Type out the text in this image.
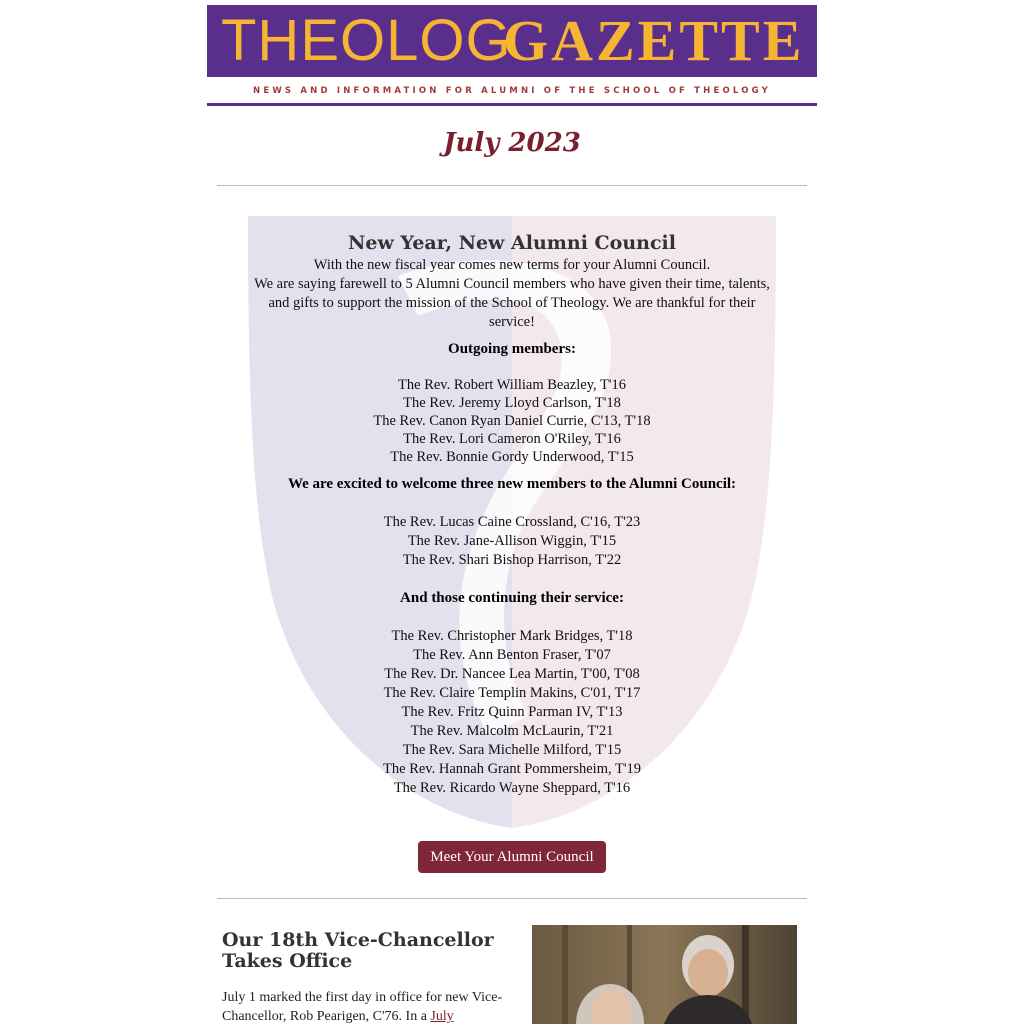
THEOLOG
GAZETTE
NEWS AND INFORMATION FOR ALUMNI OF THE SCHOOL OF THEOLOGY
July 2023
New Year, New Alumni Council
With the new fiscal year comes new terms for your Alumni Council.
We are saying farewell to 5 Alumni Council members who have given their time, talents, and gifts to support the mission of the School of Theology. We are thankful for their service!
Outgoing members:
The Rev. Robert William Beazley, T'16
The Rev. Jeremy Lloyd Carlson, T'18
The Rev. Canon Ryan Daniel Currie, C'13, T'18
The Rev. Lori Cameron O'Riley, T'16
The Rev. Bonnie Gordy Underwood, T'15
We are excited to welcome three new members to the Alumni Council:
The Rev. Lucas Caine Crossland, C'16, T'23
The Rev. Jane-Allison Wiggin, T'15
The Rev. Shari Bishop Harrison, T'22
And those continuing their service:
The Rev. Christopher Mark Bridges, T'18
The Rev. Ann Benton Fraser, T'07
The Rev. Dr. Nancee Lea Martin, T'00, T'08
The Rev. Claire Templin Makins, C'01, T'17
The Rev. Fritz Quinn Parman IV, T'13
The Rev. Malcolm McLaurin, T'21
The Rev. Sara Michelle Milford, T'15
The Rev. Hannah Grant Pommersheim, T'19
The Rev. Ricardo Wayne Sheppard, T'16
Meet Your Alumni Council
Our 18th Vice-Chancellor Takes Office
July 1 marked the first day in office for new Vice-Chancellor, Rob Pearigen, C'76. In a July
